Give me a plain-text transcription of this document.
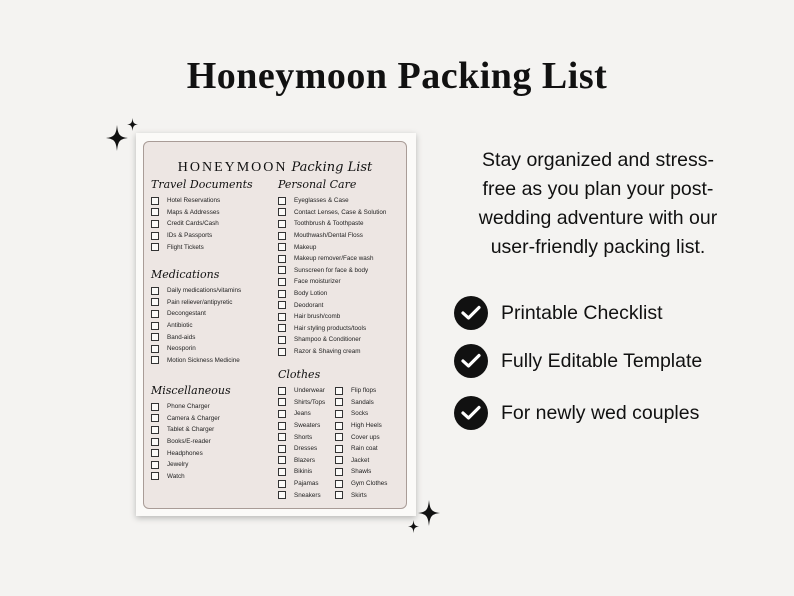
Honeymoon Packing List
HONEYMOON Packing List
Travel Documents
Hotel Reservations
Maps & Addresses
Credit Cards/Cash
IDs & Passports
Flight Tickets
Medications
Daily medications/vitamins
Pain reliever/antipyretic
Decongestant
Antibiotic
Band-aids
Neosporin
Motion Sickness Medicine
Miscellaneous
Phone Charger
Camera & Charger
Tablet & Charger
Books/E-reader
Headphones
Jewelry
Watch
Personal Care
Eyeglasses & Case
Contact Lenses, Case & Solution
Toothbrush & Toothpaste
Mouthwash/Dental Floss
Makeup
Makeup remover/Face wash
Sunscreen for face & body
Face moisturizer
Body Lotion
Deodorant
Hair brush/comb
Hair styling products/tools
Shampoo & Conditioner
Razor & Shaving cream
Clothes
Underwear
Shirts/Tops
Jeans
Sweaters
Shorts
Dresses
Blazers
Bikinis
Pajamas
Sneakers
Flip flops
Sandals
Socks
High Heels
Cover ups
Rain coat
Jacket
Shawls
Gym Clothes
Skirts
Stay organized and stress-
free as you plan your post-
wedding adventure with our
user-friendly packing list.
Printable Checklist
Fully Editable Template
For newly wed couples
